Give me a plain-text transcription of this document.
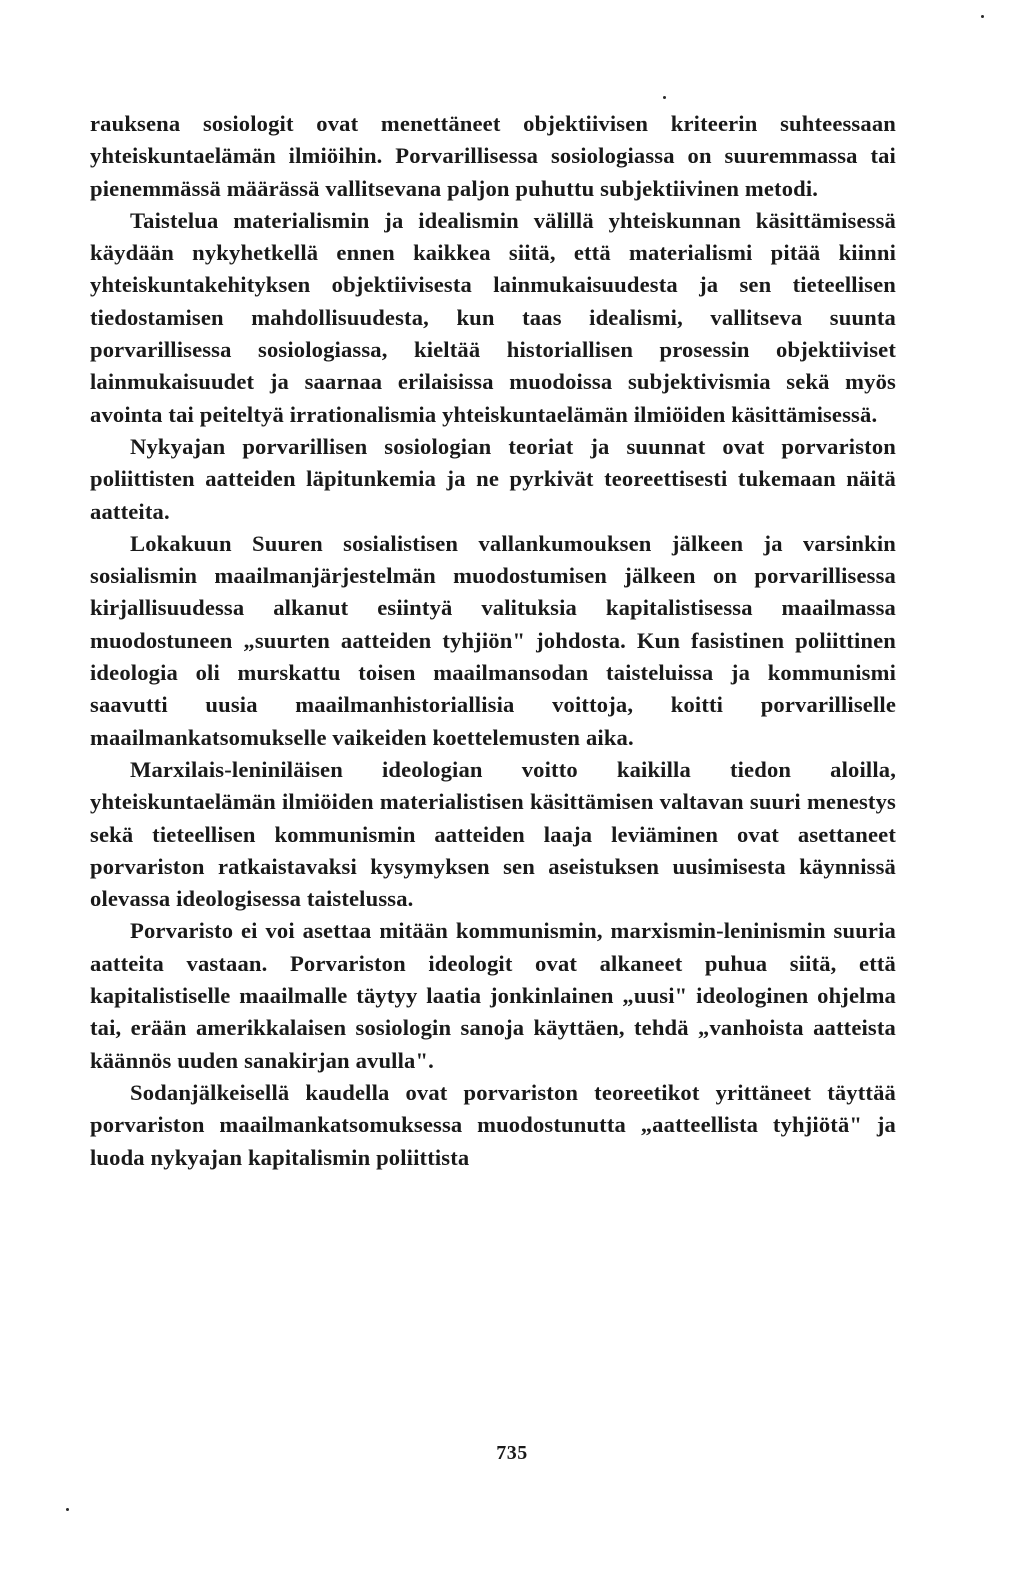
rauksena sosiologit ovat menettäneet objektiivisen kriteerin suhteessaan yhteiskuntaelämän ilmiöihin. Porvarillisessa sosiologiassa on suuremmassa tai pienemmässä määrässä vallitsevana paljon puhuttu subjektiivinen metodi.

Taistelua materialismin ja idealismin välillä yhteiskunnan käsittämisessä käydään nykyhetkellä ennen kaikkea siitä, että materialismi pitää kiinni yhteiskuntakehityksen objektiivisesta lainmukaisuudesta ja sen tieteellisen tiedostamisen mahdollisuudesta, kun taas idealismi, vallitseva suunta porvarillisessa sosiologiassa, kieltää historiallisen prosessin objektiiviset lainmukaisuudet ja saarnaa erilaisissa muodoissa subjektivismia sekä myös avointa tai peiteltyä irrationalismia yhteiskuntaelämän ilmiöiden käsittämisessä.

Nykyajan porvarillisen sosiologian teoriat ja suunnat ovat porvariston poliittisten aatteiden läpitunkemia ja ne pyrkivät teoreettisesti tukemaan näitä aatteita.

Lokakuun Suuren sosialistisen vallankumouksen jälkeen ja varsinkin sosialismin maailmanjärjestelmän muodostumisen jälkeen on porvarillisessa kirjallisuudessa alkanut esiintyä valituksia kapitalistisessa maailmassa muodostuneen „suurten aatteiden tyhjiön" johdosta. Kun fasistinen poliittinen ideologia oli murskattu toisen maailmansodan taisteluissa ja kommunismi saavutti uusia maailmanhistoriallisia voittoja, koitti porvarilliselle maailmankatsomukselle vaikeiden koettelemusten aika.

Marxilais-leniniläisen ideologian voitto kaikilla tiedon aloilla, yhteiskuntaelämän ilmiöiden materialistisen käsittämisen valtavan suuri menestys sekä tieteellisen kommunismin aatteiden laaja leviäminen ovat asettaneet porvariston ratkaistavaksi kysymyksen sen aseistuksen uusimisesta käynnissä olevassa ideologisessa taistelussa.

Porvaristo ei voi asettaa mitään kommunismin, marxismin-leninismin suuria aatteita vastaan. Porvariston ideologit ovat alkaneet puhua siitä, että kapitalistiselle maailmalle täytyy laatia jonkinlainen „uusi" ideologinen ohjelma tai, erään amerikkalaisen sosiologin sanoja käyttäen, tehdä „vanhoista aatteista käännös uuden sanakirjan avulla".

Sodanjälkeisellä kaudella ovat porvariston teoreetikot yrittäneet täyttää porvariston maailmankatsomuksessa muodostunutta „aatteellista tyhjiötä" ja luoda nykyajan kapitalismin poliittista

735
